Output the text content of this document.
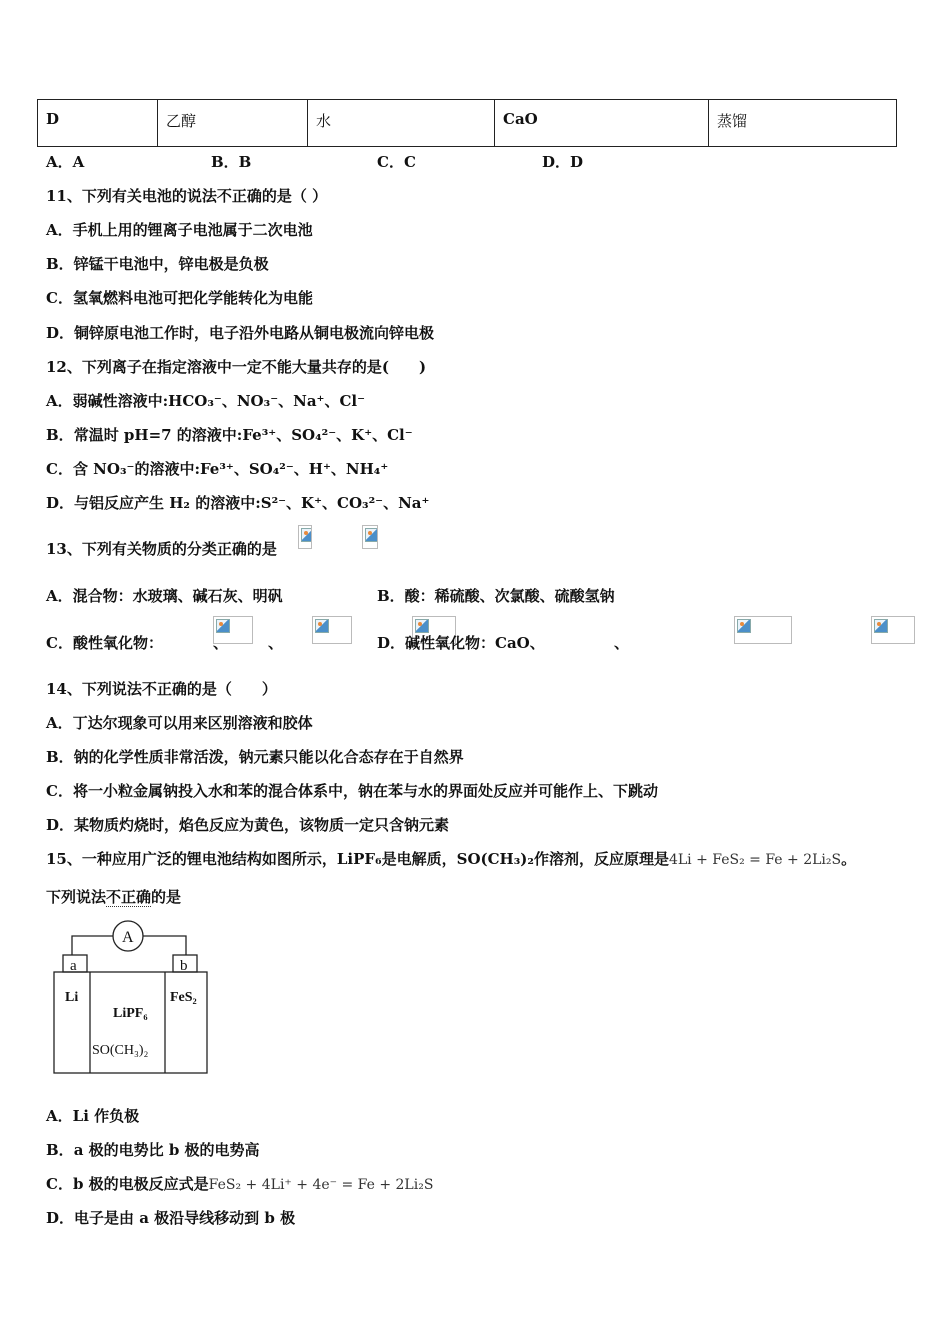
D	乙醇	水	CaO	蒸馏
A．A	B．B	C．C	D．D
11、下列有关电池的说法不正确的是（ ）
A．手机上用的锂离子电池属于二次电池
B．锌锰干电池中，锌电极是负极
C．氢氧燃料电池可把化学能转化为电能
D．铜锌原电池工作时，电子沿外电路从铜电极流向锌电极
12、下列离子在指定溶液中一定不能大量共存的是(　　)
A．弱碱性溶液中:HCO₃⁻、NO₃⁻、Na⁺、Cl⁻
B．常温时 pH=7 的溶液中:Fe³⁺、SO₄²⁻、K⁺、Cl⁻
C．含 NO₃⁻的溶液中:Fe³⁺、SO₄²⁻、H⁺、NH₄⁺
D．与铝反应产生 H₂ 的溶液中:S²⁻、K⁺、CO₃²⁻、Na⁺
13、下列有关物质的分类正确的是

A．混合物：水玻璃、碱石灰、明矾	B．酸：稀硫酸、次氯酸、硫酸氢钠
C．酸性氧化物：
	、
	、
	D．碱性氧化物：CaO、
	、
14、下列说法不正确的是（　　）
A．丁达尔现象可以用来区别溶液和胶体
B．钠的化学性质非常活泼，钠元素只能以化合态存在于自然界
C．将一小粒金属钠投入水和苯的混合体系中，钠在苯与水的界面处反应并可能作上、下跳动
D．某物质灼烧时，焰色反应为黄色，该物质一定只含钠元素
15、一种应用广泛的锂电池结构如图所示，LiPF₆是电解质，SO(CH₃)₂作溶剂，反应原理是4Li + FeS₂ = Fe + 2Li₂S。
下列说法不正确的是
A
a	b
Li	FeS₂
LiPF₆
SO(CH₃)₂
A．Li 作负极
B．a 极的电势比 b 极的电势高
C．b 极的电极反应式是FeS₂ + 4Li⁺ + 4e⁻ = Fe + 2Li₂S
D．电子是由 a 极沿导线移动到 b 极
